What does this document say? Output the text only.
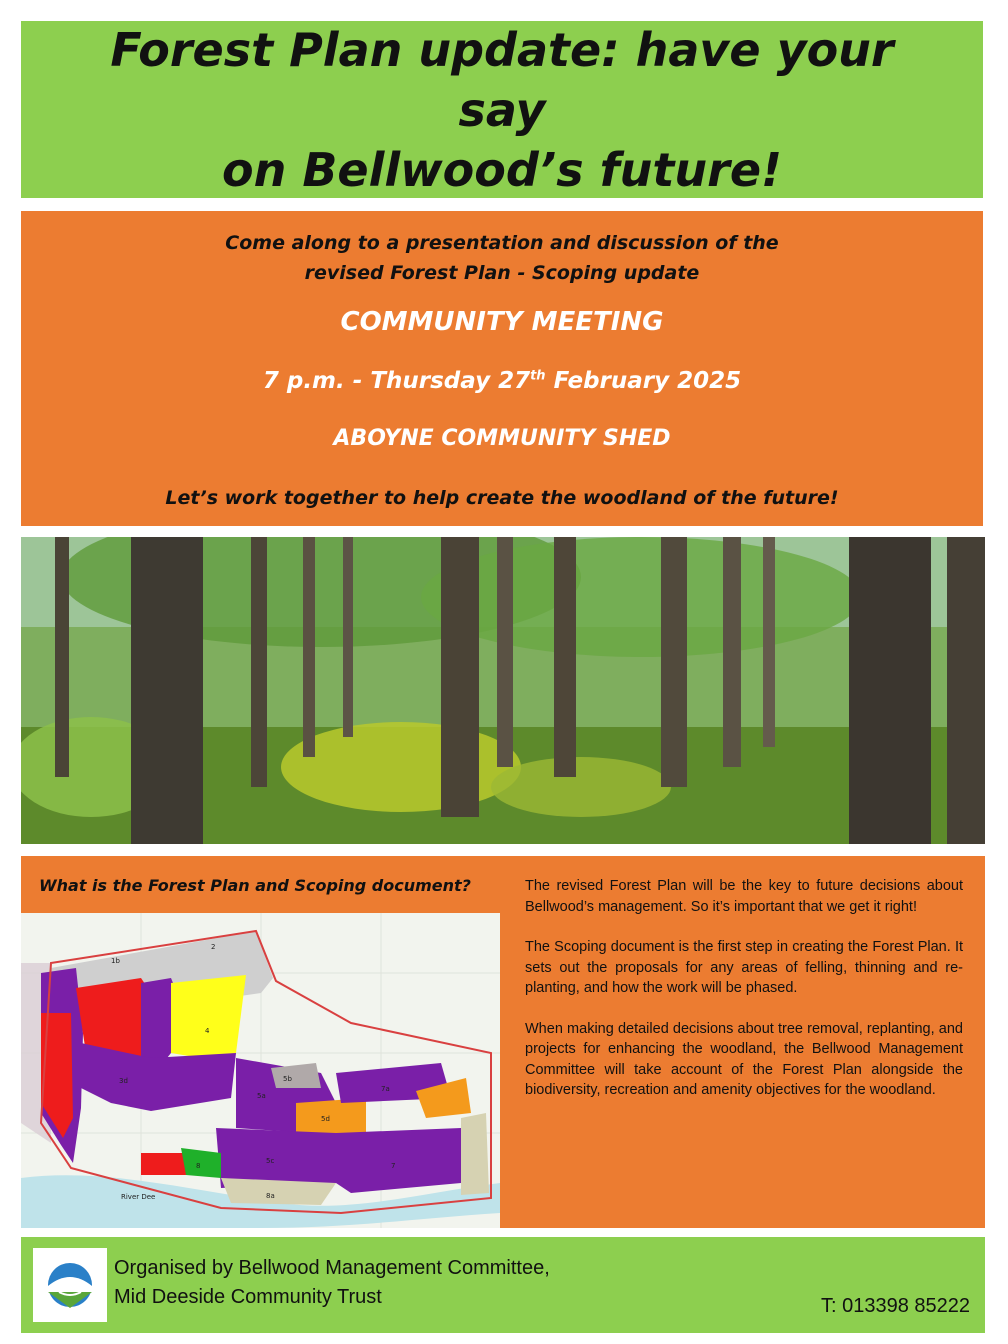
Forest Plan update: have your say
on Bellwood’s future!
Come along to a presentation and discussion of the
revised Forest Plan - Scoping update
COMMUNITY MEETING
7 p.m. - Thursday 27th February 2025
ABOYNE COMMUNITY SHED
Let’s work together to help create the woodland of the future!
What is the Forest Plan and Scoping document?
River Dee
1b
2
4
5b
3d
5a
5d
7a
5c
7
8
8a

The revised Forest Plan will be the key to future decisions about Bellwood’s management. So it’s important that we get it right!

The Scoping document is the first step in creating the Forest Plan. It sets out the proposals for any areas of felling, thinning and re-planting, and how the work will be phased.

When making detailed decisions about tree removal, replanting, and projects for enhancing the woodland, the Bellwood Management Committee will take account of the Forest Plan alongside the biodiversity, recreation and amenity objectives for the woodland.

Organised by Bellwood Management Committee,
Mid Deeside Community Trust	T: 013398 85222
